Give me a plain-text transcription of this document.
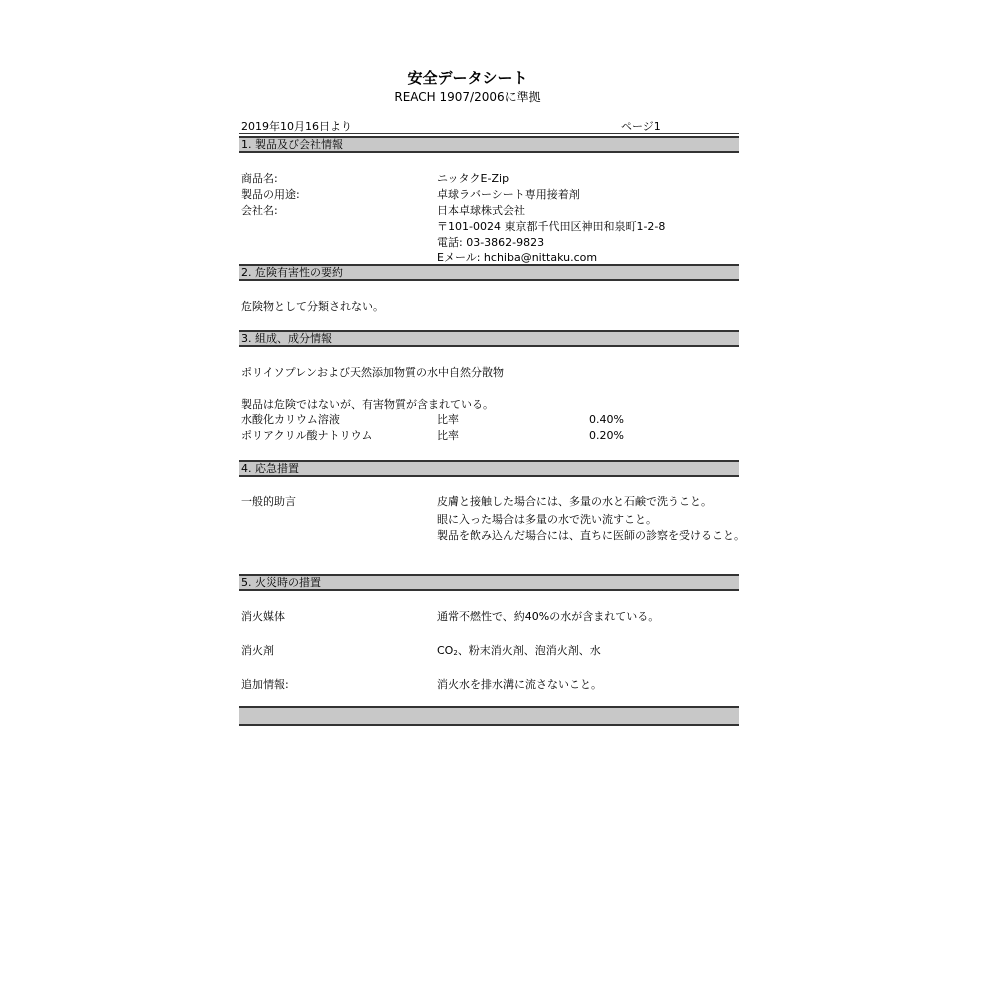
安全データシート
REACH 1907/2006に準拠
2019年10月16日より	ページ1
1. 製品及び会社情報
商品名:	ニッタクE-Zip
製品の用途:	卓球ラバーシート専用接着剤
会社名:	日本卓球株式会社
〒101-0024 東京都千代田区神田和泉町1-2-8
電話: 03-3862-9823
Eメール: hchiba@nittaku.com
2. 危険有害性の要約
危険物として分類されない。
3. 組成、成分情報
ポリイソプレンおよび天然添加物質の水中自然分散物
製品は危険ではないが、有害物質が含まれている。
水酸化カリウム溶液	比率	0.40%
ポリアクリル酸ナトリウム	比率	0.20%
4. 応急措置
一般的助言	皮膚と接触した場合には、多量の水と石鹸で洗うこと。
眼に入った場合は多量の水で洗い流すこと。
製品を飲み込んだ場合には、直ちに医師の診察を受けること。
5. 火災時の措置
消火媒体	通常不燃性で、約40%の水が含まれている。
消火剤	$CO_2$、粉末消火剤、泡消火剤、水
追加情報:	消火水を排水溝に流さないこと。
